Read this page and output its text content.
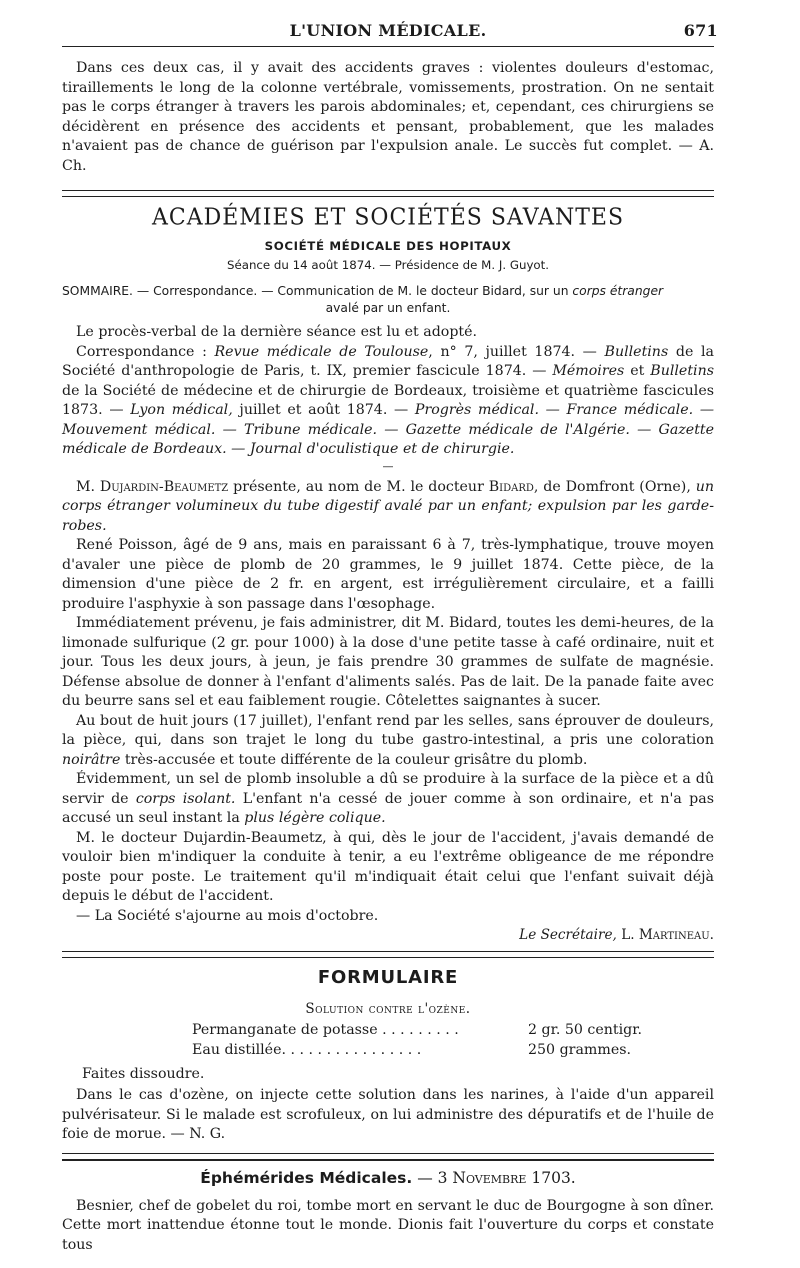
L'UNION MÉDICALE.	671

Dans ces deux cas, il y avait des accidents graves : violentes douleurs d'estomac, tiraillements le long de la colonne vertébrale, vomissements, prostration. On ne sentait pas le corps étranger à travers les parois abdominales; et, cependant, ces chirurgiens se décidèrent en présence des accidents et pensant, probablement, que les malades n'avaient pas de chance de guérison par l'expulsion anale. Le succès fut complet. — A. Ch.

ACADÉMIES ET SOCIÉTÉS SAVANTES
SOCIÉTÉ MÉDICALE DES HOPITAUX
Séance du 14 août 1874. — Présidence de M. J. Guyot.
SOMMAIRE. — Correspondance. — Communication de M. le docteur Bidard, sur un corps étranger
avalé par un enfant.

Le procès-verbal de la dernière séance est lu et adopté.

Correspondance : Revue médicale de Toulouse, n° 7, juillet 1874. — Bulletins de la Société d'anthropologie de Paris, t. IX, premier fascicule 1874. — Mémoires et Bulletins de la Société de médecine et de chirurgie de Bordeaux, troisième et quatrième fascicules 1873. — Lyon médical, juillet et août 1874. — Progrès médical. — France médicale. — Mouvement médical. — Tribune médicale. — Gazette médicale de l'Algérie. — Gazette médicale de Bordeaux. — Journal d'oculistique et de chirurgie.

—

M. Dujardin-Beaumetz présente, au nom de M. le docteur Bidard, de Domfront (Orne), un corps étranger volumineux du tube digestif avalé par un enfant; expulsion par les garde-robes.

René Poisson, âgé de 9 ans, mais en paraissant 6 à 7, très-lymphatique, trouve moyen d'avaler une pièce de plomb de 20 grammes, le 9 juillet 1874. Cette pièce, de la dimension d'une pièce de 2 fr. en argent, est irrégulièrement circulaire, et a failli produire l'asphyxie à son passage dans l'œsophage.

Immédiatement prévenu, je fais administrer, dit M. Bidard, toutes les demi-heures, de la limonade sulfurique (2 gr. pour 1000) à la dose d'une petite tasse à café ordinaire, nuit et jour. Tous les deux jours, à jeun, je fais prendre 30 grammes de sulfate de magnésie. Défense absolue de donner à l'enfant d'aliments salés. Pas de lait. De la panade faite avec du beurre sans sel et eau faiblement rougie. Côtelettes saignantes à sucer.

Au bout de huit jours (17 juillet), l'enfant rend par les selles, sans éprouver de douleurs, la pièce, qui, dans son trajet le long du tube gastro-intestinal, a pris une coloration noirâtre très-accusée et toute différente de la couleur grisâtre du plomb.

Évidemment, un sel de plomb insoluble a dû se produire à la surface de la pièce et a dû servir de corps isolant. L'enfant n'a cessé de jouer comme à son ordinaire, et n'a pas accusé un seul instant la plus légère colique.

M. le docteur Dujardin-Beaumetz, à qui, dès le jour de l'accident, j'avais demandé de vouloir bien m'indiquer la conduite à tenir, a eu l'extrême obligeance de me répondre poste pour poste. Le traitement qu'il m'indiquait était celui que l'enfant suivait déjà depuis le début de l'accident.

— La Société s'ajourne au mois d'octobre.

Le Secrétaire, L. Martineau.
FORMULAIRE
Solution contre l'ozène.
Permanganate de potasse . . . . . . . . .	2 gr. 50 centigr.
Eau distillée. . . . . . . . . . . . . . . .	250 grammes.
Faites dissoudre.

Dans le cas d'ozène, on injecte cette solution dans les narines, à l'aide d'un appareil pulvérisateur. Si le malade est scrofuleux, on lui administre des dépuratifs et de l'huile de foie de morue. — N. G.

Éphémérides Médicales. — 3 Novembre 1703.

Besnier, chef de gobelet du roi, tombe mort en servant le duc de Bourgogne à son dîner. Cette mort inattendue étonne tout le monde. Dionis fait l'ouverture du corps et constate tous
